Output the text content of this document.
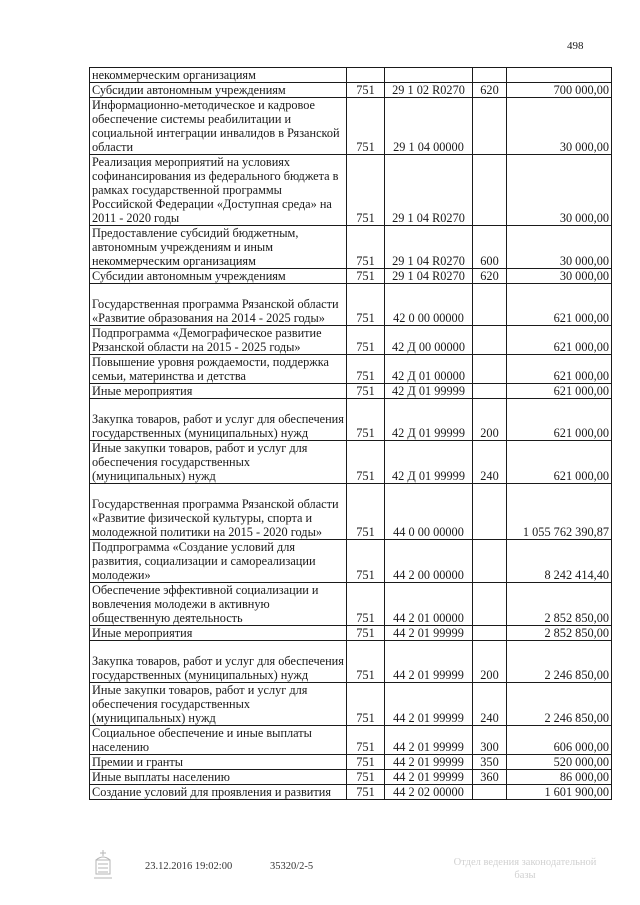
498
некоммерческим организациям				
Субсидии автономным учреждениям	751	29 1 02 R0270	620	700 000,00
Информационно-методическое и кадровое обеспечение системы реабилитации и социальной интеграции инвалидов в Рязанской области	751	29 1 04 00000		30 000,00
Реализация мероприятий на условиях софинансирования из федерального бюджета в рамках государственной программы Российской Федерации «Доступная среда» на 2011 - 2020 годы	751	29 1 04 R0270		30 000,00
Предоставление субсидий бюджетным, автономным учреждениям и иным некоммерческим организациям	751	29 1 04 R0270	600	30 000,00
Субсидии автономным учреждениям	751	29 1 04 R0270	620	30 000,00
Государственная программа Рязанской области «Развитие образования на 2014 - 2025 годы»	751	42 0 00 00000		621 000,00
Подпрограмма «Демографическое развитие Рязанской области на 2015 - 2025 годы»	751	42 Д 00 00000		621 000,00
Повышение уровня рождаемости, поддержка семьи, материнства и детства	751	42 Д 01 00000		621 000,00
Иные мероприятия	751	42 Д 01 99999		621 000,00
Закупка товаров, работ и услуг для обеспечения государственных (муниципальных) нужд	751	42 Д 01 99999	200	621 000,00
Иные закупки товаров, работ и услуг для обеспечения государственных (муниципальных) нужд	751	42 Д 01 99999	240	621 000,00
Государственная программа Рязанской области «Развитие физической культуры, спорта и молодежной политики на 2015 - 2020 годы»	751	44 0 00 00000		1 055 762 390,87
Подпрограмма «Создание условий для развития, социализации и самореализации молодежи»	751	44 2 00 00000		8 242 414,40
Обеспечение эффективной социализации и вовлечения молодежи в активную общественную деятельность	751	44 2 01 00000		2 852 850,00
Иные мероприятия	751	44 2 01 99999		2 852 850,00
Закупка товаров, работ и услуг для обеспечения государственных (муниципальных) нужд	751	44 2 01 99999	200	2 246 850,00
Иные закупки товаров, работ и услуг для обеспечения государственных (муниципальных) нужд	751	44 2 01 99999	240	2 246 850,00
Социальное обеспечение и иные выплаты населению	751	44 2 01 99999	300	606 000,00
Премии и гранты	751	44 2 01 99999	350	520 000,00
Иные выплаты населению	751	44 2 01 99999	360	86 000,00
Создание условий для проявления и развития	751	44 2 02 00000		1 601 900,00
23.12.2016 19:02:00	35320/2-5	Отдел ведения законодательной базы
